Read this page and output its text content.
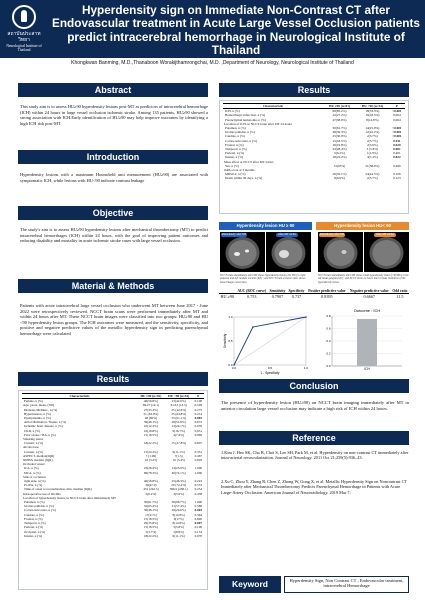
สถาบันประสาทวิทยา
Neurological Institute of Thailand
Hyperdensity sign on Immediate Non-Contrast CT after Endovascular treatment in Acute Large Vessel Occlusion patients predict intracerebral hemorrhage in Neurological Institute of Thailand
Khongkwan Banming, M.D.,Thanaboon Worakijthamrongchai, M.D. ,Department of Neurology, Neurological Institute of Thailand
Abstract
This study aim is to assess HU≥90 hyperdensity lesions post-MT as predictors of intracerebral hemorrhage (ICH) within 24 hours in large vessel occlusion ischemic stroke. Among 135 patients, HU≥90 showed a strong association with ICH.Early identification of HU≥90 may help improve outcomes by identifying a high ICH risk post-MT.
Introduction
Hyperdensity lesions with a maximum Hounsfield unit measurement (HU≥90) are associated with symptomatic ICH, while lesions with HU<90 indicate contrast leakage
Objective
The study's aim is to assess HU≥90 hyperdensity lesions after mechanical thrombectomy (MT) to predict intracerebral hemorrhages (ICH) within 24 hours, with the goal of improving patient outcomes and reducing disability and mortality in acute ischemic stroke cases with large vessel occlusion.
Material & Methods
Patients with acute intracerebral large vessel occlusion who underwent MT between June 2017 - June 2022 were retrospectively reviewed. NCCT brain scans were performed immediately after MT and within 24 hours after MT. These NCCT brain images were classified into two groups: HU≥90 and HU <90 hyperdensity lesion groups. The ICH outcomes were measured, and the sensitivity, specificity, and positive and negative predictive values of the metallic hyperdensity sign in predicting parenchymal hemorrhage were calculated
Results
Characteristic	HU ≥90 (n=81)	HU <90 (n=54)	P
Female, n (%)	46(56.8%)	23(42.6%)	0.106
Age, years, mean, (SD)	69.27 (14.1)	61.63 (13.5)	0.528
Diabetes Mellitus , n (%)	27(33.3%)	25 (42.6%)	0.275
Hypertension, n (%)	51 (63.0%)	35 (64.8%)	0.214
Dyslipidemia, n (%)	48 (60%)	33 (61.1%)	0.003
Atrial fibrillation / flutter, n (%)	59(48.1%)	28(51.9%)	0.672
Ischemic heart disease, n (%)	10(12.3%)	13(24.1%)	0.076
CKD, n (%)	16(19.8%)	9(16.7%)	0.651
Prior stroke /TIA, n (%)	15(18.5%)	4(7.4%)	0.069
Smoking status			
Current, n (%)	18(22.2%)	15 (27.8%)	0.607
Alcohol use			
Current, n (%)	15(24.3%)	9(11.1%)	0.331
ASPECT, median(IQR)	7 (1.99)	7(1.5)	0.467
NIHSS, median (IQR)	16 (5.25)	16 (5.45)	0.818
Occluded vessel			
ICA, n (%)	23(28.4%)	14(25.9%)	1.000
MCA, n (%)	69(78.3%)	40(74.1%)	1.000
Side of occlusion			
right side, n (%)	46(56.8%)	25(46.3%)	0.222
IV-tPA, n (%)	39(47.9)	20 (72.2%)	0.553
Time of onset to recanalization, min, median (IQR)	431 (242.5)	396.5 (238.1)	0.254
Intraoperative use of IIb/IIIa	5(6.2%)	3(5.6%)	0.458
Location of hyperdensity lesion on NCCT brain after immediately MT			
Putamen, n (%)	50(61.7%)	36(66.7%)	1.000
Globus pallidus, n (%)	55(65.4%)	31(57.4%)	0.586
Cortex-subcortex, n (%)	39(48.1%)	26(29.6%)	0.003
Caudate, n (%)	17(21%)	8(14.8%)	0.364
Frontal, n (%)	15(18.5%)	9(17%)	0.820
Temporal, n (%)	29(35.8%)	8(14.8%)	0.007
Parietal, n (%)	15(18.5%)	5(5.8%)	0.100
Occipital, n (%)	5(3.7%)	5(8.9%)	0.153
Insular, n (%)	18(22.2%)	6(11.1%)	0.070
Results
Characteristic	HU ≥90 (n=81)	HU <90 (n=54)	P
ICH, n (%)	69(85.2%)	18(33.3%)	<0.001
Hemorrhagic infarction, n (%)	22(27.2%)	10(18.5%)	0.064
Parenchymal hematoma, n (%)	47(58.0%)	8(14.8%)	0.064
Location of ICH on NCCT brain after MT 24 hours			
Putamen, n (%)	50(61.7%)	14(25.9%)	<0.001
Globus pallidus, n (%)	48(59.3%)	12(22.2%)	<0.001
Caudate, n (%)	25(30.9%)	2(3.7%)	<0.001
Cortex-subcortex, n (%)	15(18.5%)	2(3.7%)	0.011
Frontal, n (%)	16(19.8%)	2(3.6%)	0.020
Temporal, n (%)	23(28.4%)	3 (5.6%)	0.001
Parietal, n (%)	5(6.2%)	1(1.9%)	0.401
Insular, n (%)	18(22.2%)	4(7.4%)	0.022
Mass effect at NCCT after MT 24 hrs			
Yes, n (%)	31(63%)	21(38.9%)	0.496
mRS score at 3 months			
MRS0-2, n (%)	26(32.1%)	24(44.5%)	0.106
Death within 90 days, n (%)	8(9.9%)	2(3.7%)	0.123
Hyperdensity lesion HU ≥ 90	Hyperdensity lesion HU< 90
Immediately after MT	After MT 24 hrs	Immediately after MT	After MT 24 hrs
NCCT brain immediately after MT shows hyperdensity lesion (112 HU) in right putamen and left caudate nucleus (left) ; and NCCT brain 24 hours later shows hemorrhagic conversion.
NCCT brain immediately after MT shows small hyperdensity lesion (<90 HU) in the left basal ganglia (left) ; and NCCT brain 24 hours later reveals resolution of the hyperdensity lesion.
	AUC (ROC curve)	Sensitivity	Specificity	Positive predictive value	Negative predictive value	Odd ratio
HU ≥90	0.753	0.7907	0.737	0.8395	0.6667	11.5
0.0
0.0
0.5
0.5
1.0
1.0
1 - Specificity
Sensitivity
Outcome : ICH
0.0
0.2
0.4
0.6
0.8
ICH
Conclusion
The presence of hyperdensity lesion (HU≥90) on NCCT brain imaging immediately after MT in anterior circulation large vessel occlusion may indicate a high risk of ICH within 24 hours.
Reference
1.Kim J, Heo SK, Cho B, Choi S, Lee SH, Park M, et al. Hyperdensity on non-contrast CT immediately after intra-arterial revascularization. Journal of Neurology. 2011 Oct 21;259(5):936–43.
2.Xu C, Zhou Y, Zhang R, Chen Z, Zhong W, Gong X, et al. Metallic Hyperdensity Sign on Noncontrast CT Immediately after Mechanical Thrombectomy Predicts Parenchymal Hemorrhage in Patients with Acute Large-Artery Occlusion. American Journal of Neuroradiology. 2019 Mar 7;
Keyword	Hyperdensity Sign, Non Contrast CT , Endovascular treatment, intracerebral Hemorrhage
